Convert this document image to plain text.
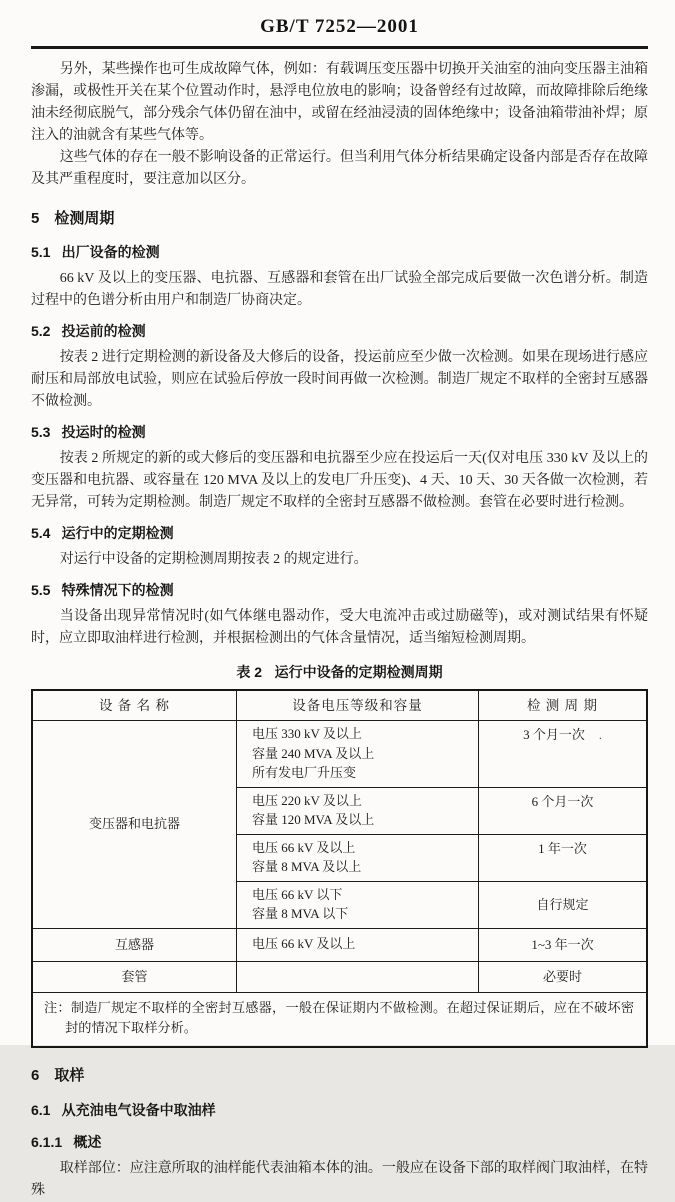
GB/T 7252—2001

另外，某些操作也可生成故障气体，例如：有载调压变压器中切换开关油室的油向变压器主油箱渗漏，或极性开关在某个位置动作时，悬浮电位放电的影响；设备曾经有过故障，而故障排除后绝缘油未经彻底脱气，部分残余气体仍留在油中，或留在经油浸渍的固体绝缘中；设备油箱带油补焊；原注入的油就含有某些气体等。

这些气体的存在一般不影响设备的正常运行。但当利用气体分析结果确定设备内部是否存在故障及其严重程度时，要注意加以区分。

5 检测周期
5.1 出厂设备的检测

66 kV 及以上的变压器、电抗器、互感器和套管在出厂试验全部完成后要做一次色谱分析。制造过程中的色谱分析由用户和制造厂协商决定。

5.2 投运前的检测

按表 2 进行定期检测的新设备及大修后的设备，投运前应至少做一次检测。如果在现场进行感应耐压和局部放电试验，则应在试验后停放一段时间再做一次检测。制造厂规定不取样的全密封互感器不做检测。

5.3 投运时的检测

按表 2 所规定的新的或大修后的变压器和电抗器至少应在投运后一天(仅对电压 330 kV 及以上的变压器和电抗器、或容量在 120 MVA 及以上的发电厂升压变)、4 天、10 天、30 天各做一次检测，若无异常，可转为定期检测。制造厂规定不取样的全密封互感器不做检测。套管在必要时进行检测。

5.4 运行中的定期检测

对运行中设备的定期检测周期按表 2 的规定进行。

5.5 特殊情况下的检测

当设备出现异常情况时(如气体继电器动作，受大电流冲击或过励磁等)，或对测试结果有怀疑时，应立即取油样进行检测，并根据检测出的气体含量情况，适当缩短检测周期。

表 2 运行中设备的定期检测周期
设 备 名 称	设备电压等级和容量	检 测 周 期
变压器和电抗器	电压 330 kV 及以上
容量 240 MVA 及以上
所有发电厂升压变	3 个月一次 .

	电压 220 kV 及以上
容量 120 MVA 及以上	6 个月一次

	电压 66 kV 及以上
容量 8 MVA 及以上	1 年一次

	电压 66 kV 以下
容量 8 MVA 以下	自行规定
互感器	电压 66 kV 及以上	1~3 年一次
套管		必要时

注：制造厂规定不取样的全密封互感器，一般在保证期内不做检测。在超过保证期后，应在不破坏密封的情况下取样分析。		
6 取样
6.1 从充油电气设备中取油样
6.1.1 概述

取样部位：应注意所取的油样能代表油箱本体的油。一般应在设备下部的取样阀门取油样，在特殊
